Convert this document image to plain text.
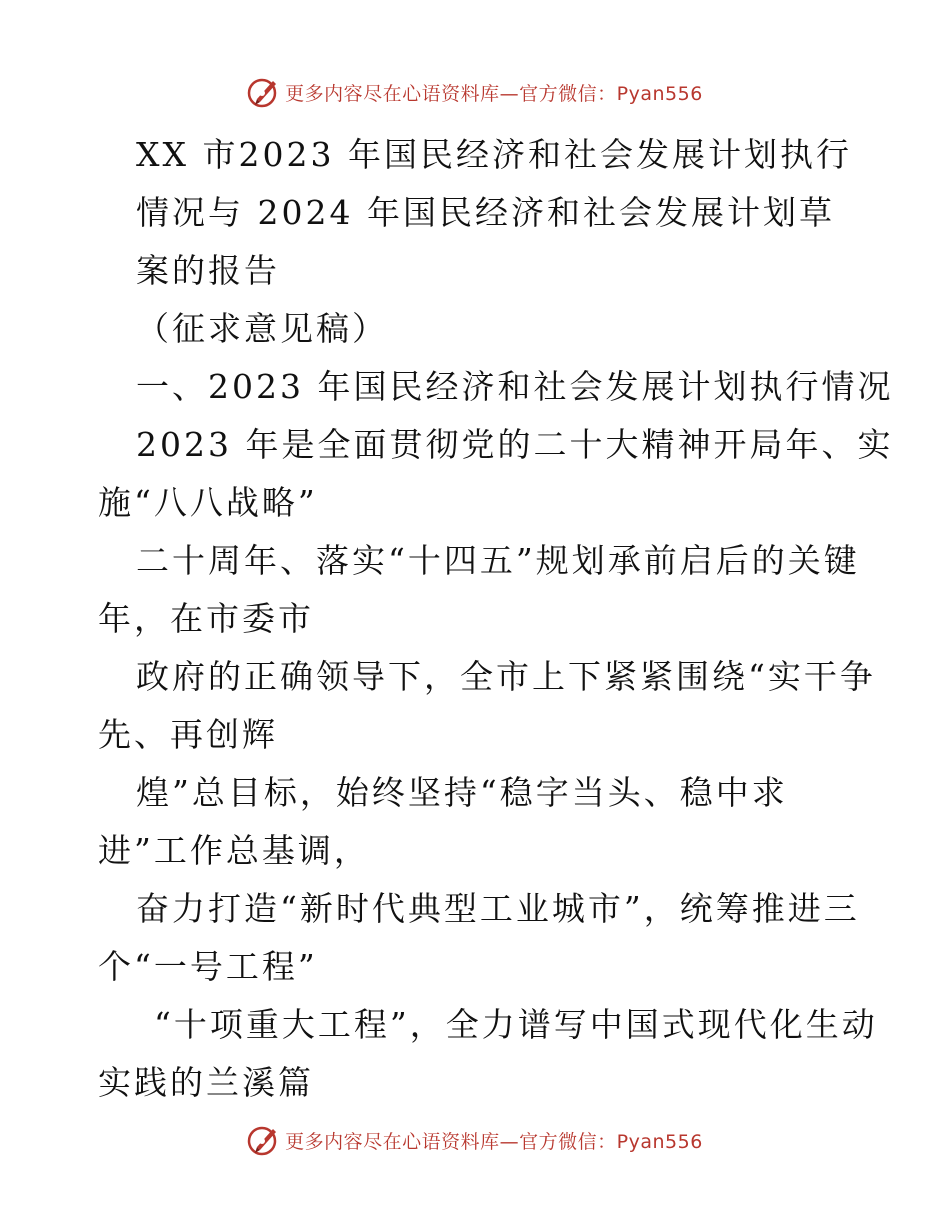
更多内容尽在心语资料库—官方微信：Pyan556
XX 市2023 年国民经济和社会发展计划执行
情况与 2024 年国民经济和社会发展计划草
案的报告
（征求意见稿）
一、2023 年国民经济和社会发展计划执行情况
2023 年是全面贯彻党的二十大精神开局年、实
施“八八战略”
二十周年、落实“十四五”规划承前启后的关键
年，在市委市
政府的正确领导下，全市上下紧紧围绕“实干争
先、再创辉
煌”总目标，始终坚持“稳字当头、稳中求
进”工作总基调，
奋力打造“新时代典型工业城市”，统筹推进三
个“一号工程”
“十项重大工程”，全力谱写中国式现代化生动
实践的兰溪篇
更多内容尽在心语资料库—官方微信：Pyan556
